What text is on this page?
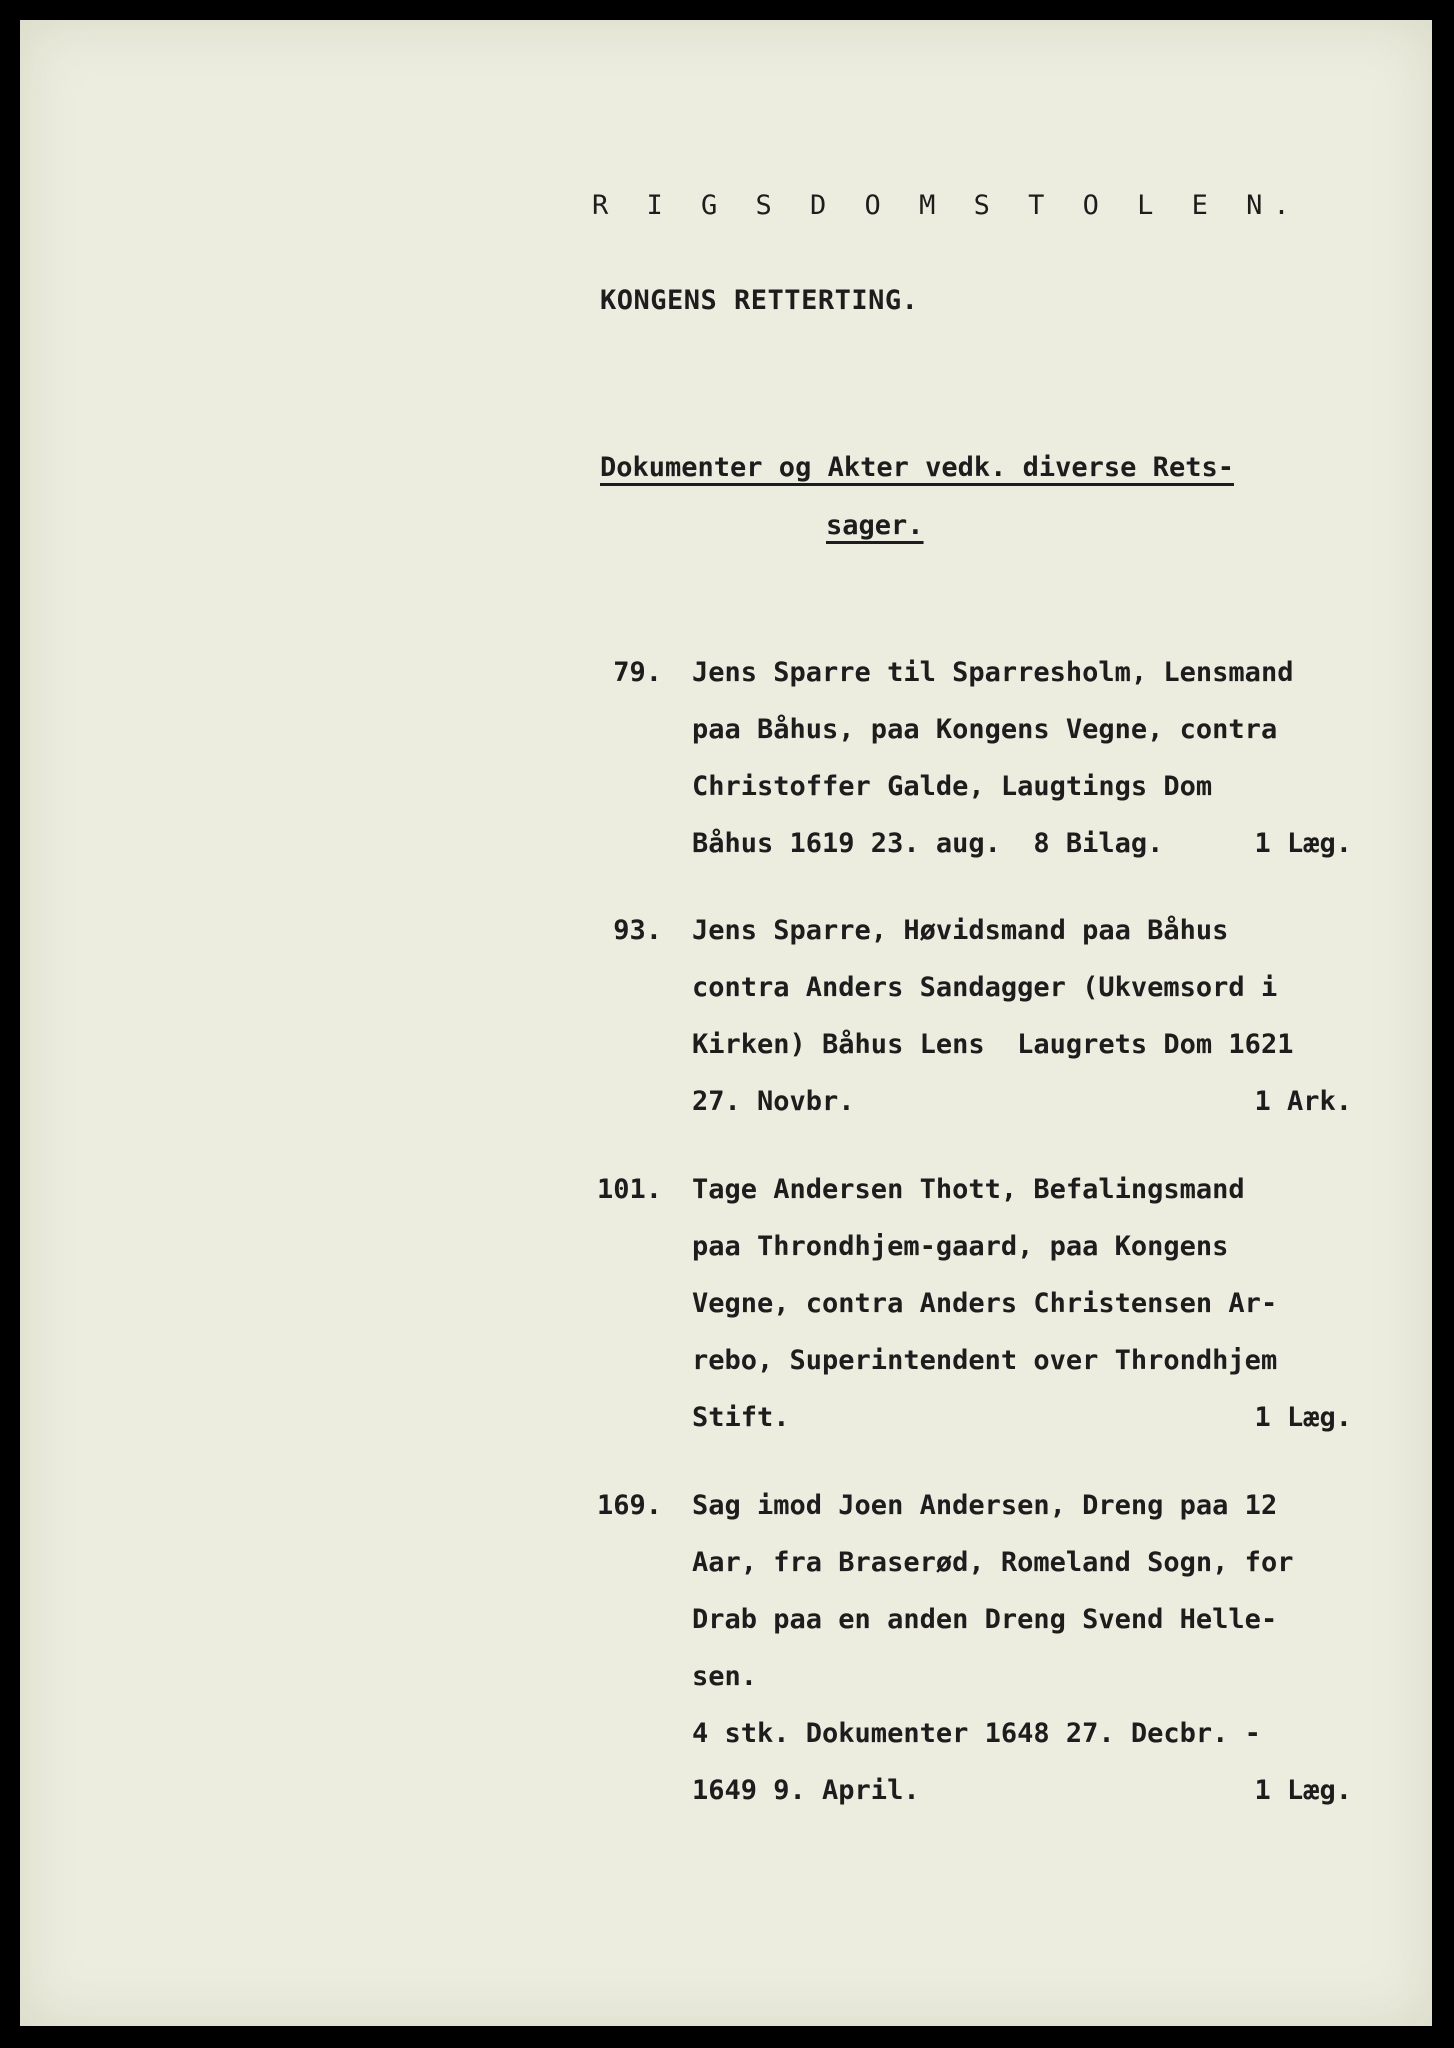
R I G S D O M S T O L E N.
KONGENS RETTERTING.
Dokumenter og Akter vedk. diverse Rets-
sager.
79. Jens Sparre til Sparresholm, Lensmand
paa Båhus, paa Kongens Vegne, contra
Christoffer Galde, Laugtings Dom
Båhus 1619 23. aug.  8 Bilag.	1 Læg.
93. Jens Sparre, Høvidsmand paa Båhus
contra Anders Sandagger (Ukvemsord i
Kirken) Båhus Lens  Laugrets Dom 1621
27. Novbr.	1 Ark.
101. Tage Andersen Thott, Befalingsmand
paa Throndhjem-gaard, paa Kongens
Vegne, contra Anders Christensen Ar-
rebo, Superintendent over Throndhjem
Stift.	1 Læg.
169. Sag imod Joen Andersen, Dreng paa 12
Aar, fra Braserød, Romeland Sogn, for
Drab paa en anden Dreng Svend Helle-
sen.
4 stk. Dokumenter 1648 27. Decbr. -
1649 9. April.	1 Læg.
